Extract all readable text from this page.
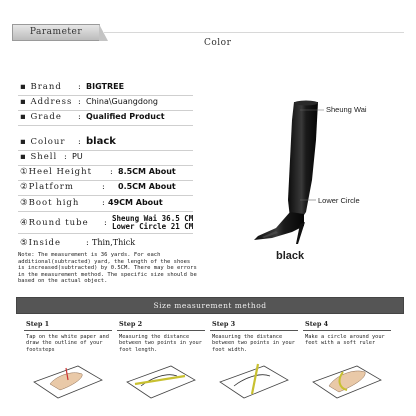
Parameter
Color
▪ Brand : BIGTREE
▪ Address : China\Guangdong
▪ Grade : Qualified Product
▪ Colour : black
▪ Shell : PU
①Heel Height : 8.5CM About
②Platform	: 0.5CM About
③Boot high	: 49CM About
④Round tube : Sheung Wai 36.5 CM
Lower Circle 21 CM
⑤Inside	: Thin,Thick
Note: The measurement is 36 yards. For each additional(subtracted) yard, the length of the shoes is increased(subtracted) by 0.5CM. There may be errors in the measurement method. The specific size should be based on the actual object.
Sheung Wai
Lower Circle
black
Size measurement method
Step 1
Tap on the white paper and draw the outline of your footsteps
Step 2
Measuring the distance between two points in your foot length.
Step 3
Measuring the distance between two points in your foot width.
Step 4
Make a circle around your feet with a soft ruler
